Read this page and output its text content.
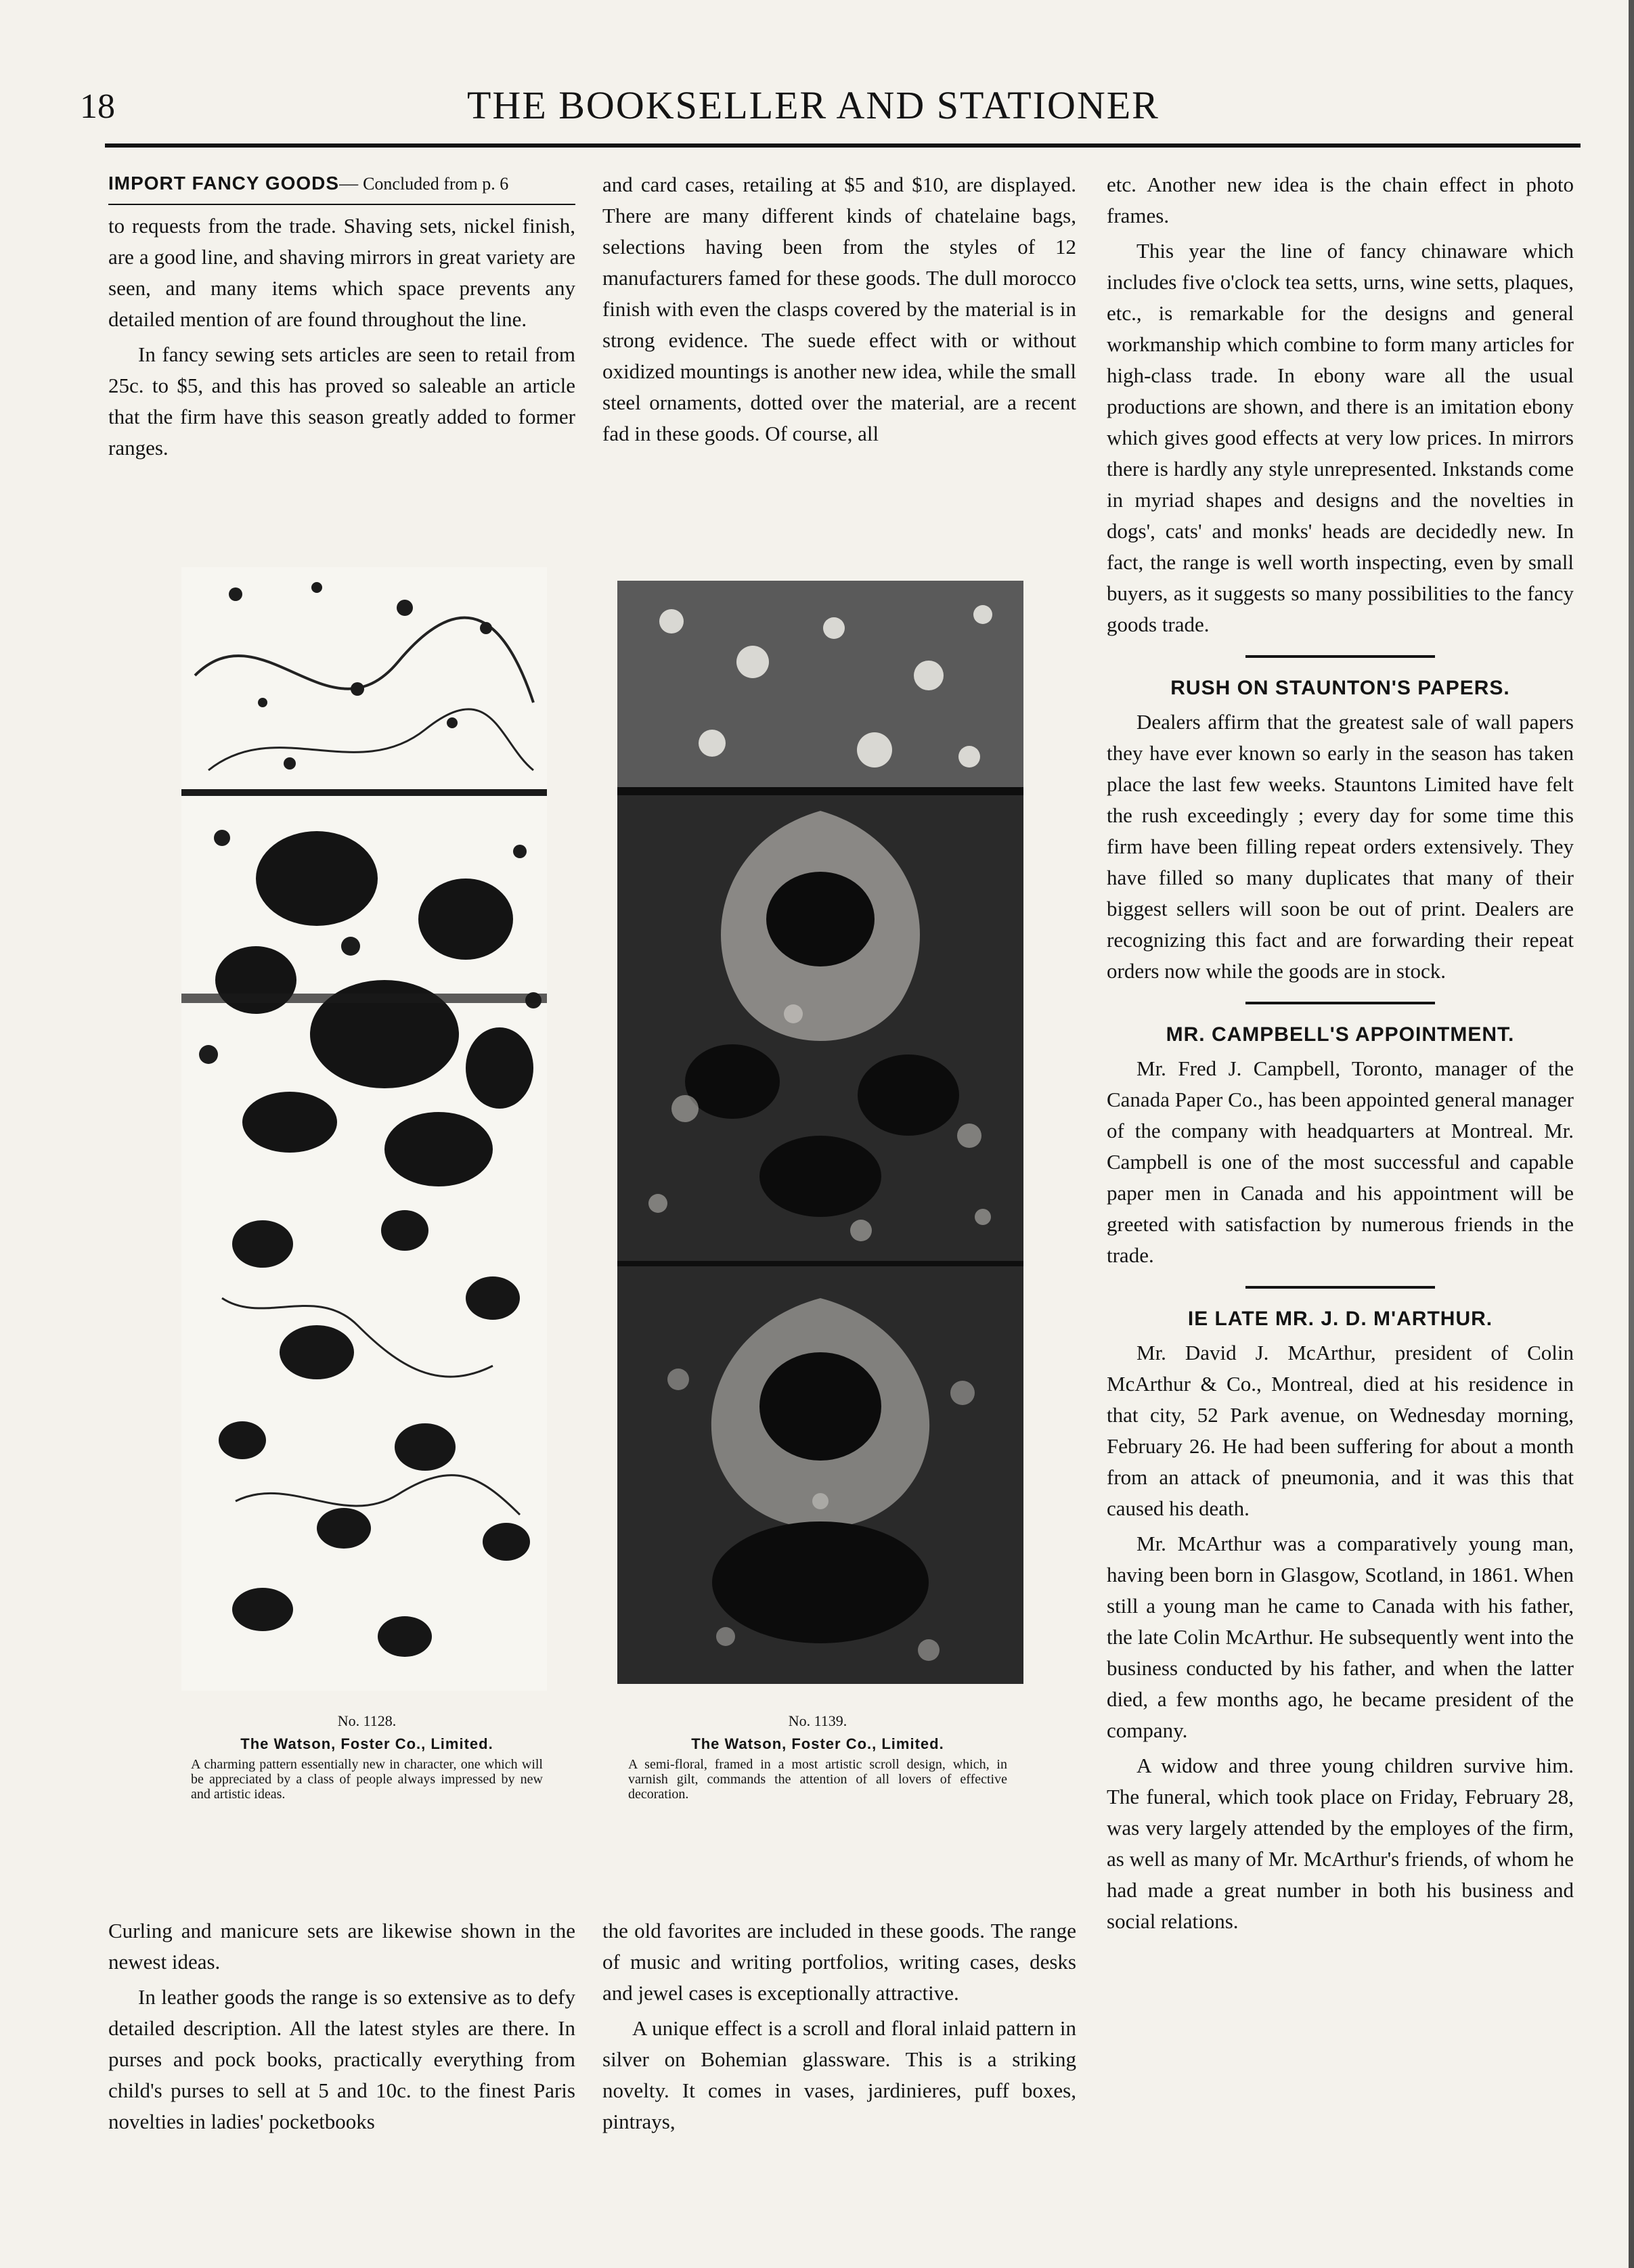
18	THE BOOKSELLER AND STATIONER
IMPORT FANCY GOODS— Concluded from p. 6

to requests from the trade. Shaving sets, nickel finish, are a good line, and shaving mirrors in great variety are seen, and many items which space prevents any detailed mention of are found throughout the line.

In fancy sewing sets articles are seen to retail from 25c. to $5, and this has proved so saleable an article that the firm have this season greatly added to former ranges.

and card cases, retailing at $5 and $10, are displayed. There are many different kinds of chatelaine bags, selections having been from the styles of 12 manufacturers famed for these goods. The dull morocco finish with even the clasps covered by the material is in strong evidence. The suede effect with or without oxidized mountings is another new idea, while the small steel ornaments, dotted over the material, are a recent fad in these goods. Of course, all

etc. Another new idea is the chain effect in photo frames.

This year the line of fancy chinaware which includes five o'clock tea setts, urns, wine setts, plaques, etc., is remarkable for the designs and general workmanship which combine to form many articles for high-class trade. In ebony ware all the usual productions are shown, and there is an imitation ebony which gives good effects at very low prices. In mirrors there is hardly any style unrepresented. Inkstands come in myriad shapes and designs and the novelties in dogs', cats' and monks' heads are decidedly new. In fact, the range is well worth inspecting, even by small buyers, as it suggests so many possibilities to the fancy goods trade.

RUSH ON STAUNTON'S PAPERS.

Dealers affirm that the greatest sale of wall papers they have ever known so early in the season has taken place the last few weeks. Stauntons Limited have felt the rush exceedingly ; every day for some time this firm have been filling repeat orders extensively. They have filled so many duplicates that many of their biggest sellers will soon be out of print. Dealers are recognizing this fact and are forwarding their repeat orders now while the goods are in stock.

MR. CAMPBELL'S APPOINTMENT.

Mr. Fred J. Campbell, Toronto, manager of the Canada Paper Co., has been appointed general manager of the company with headquarters at Montreal. Mr. Campbell is one of the most successful and capable paper men in Canada and his appointment will be greeted with satisfaction by numerous friends in the trade.

IE LATE MR. J. D. M'ARTHUR.

Mr. David J. McArthur, president of Colin McArthur & Co., Montreal, died at his residence in that city, 52 Park avenue, on Wednesday morning, February 26. He had been suffering for about a month from an attack of pneumonia, and it was this that caused his death.

Mr. McArthur was a comparatively young man, having been born in Glasgow, Scotland, in 1861. When still a young man he came to Canada with his father, the late Colin McArthur. He subsequently went into the business conducted by his father, and when the latter died, a few months ago, he became president of the company.

A widow and three young children survive him. The funeral, which took place on Friday, February 28, was very largely attended by the employes of the firm, as well as many of Mr. McArthur's friends, of whom he had made a great number in both his business and social relations.

No. 1128.
The Watson, Foster Co., Limited.
A charming pattern essentially new in character, one which will be appreciated by a class of people always impressed by new and artistic ideas.
No. 1139.
The Watson, Foster Co., Limited.
A semi-floral, framed in a most artistic scroll design, which, in varnish gilt, commands the attention of all lovers of effective decoration.

Curling and manicure sets are likewise shown in the newest ideas.

In leather goods the range is so extensive as to defy detailed description. All the latest styles are there. In purses and pock books, practically everything from child's purses to sell at 5 and 10c. to the finest Paris novelties in ladies' pocketbooks

the old favorites are included in these goods. The range of music and writing portfolios, writing cases, desks and jewel cases is exceptionally attractive.

A unique effect is a scroll and floral inlaid pattern in silver on Bohemian glassware. This is a striking novelty. It comes in vases, jardinieres, puff boxes, pintrays,
